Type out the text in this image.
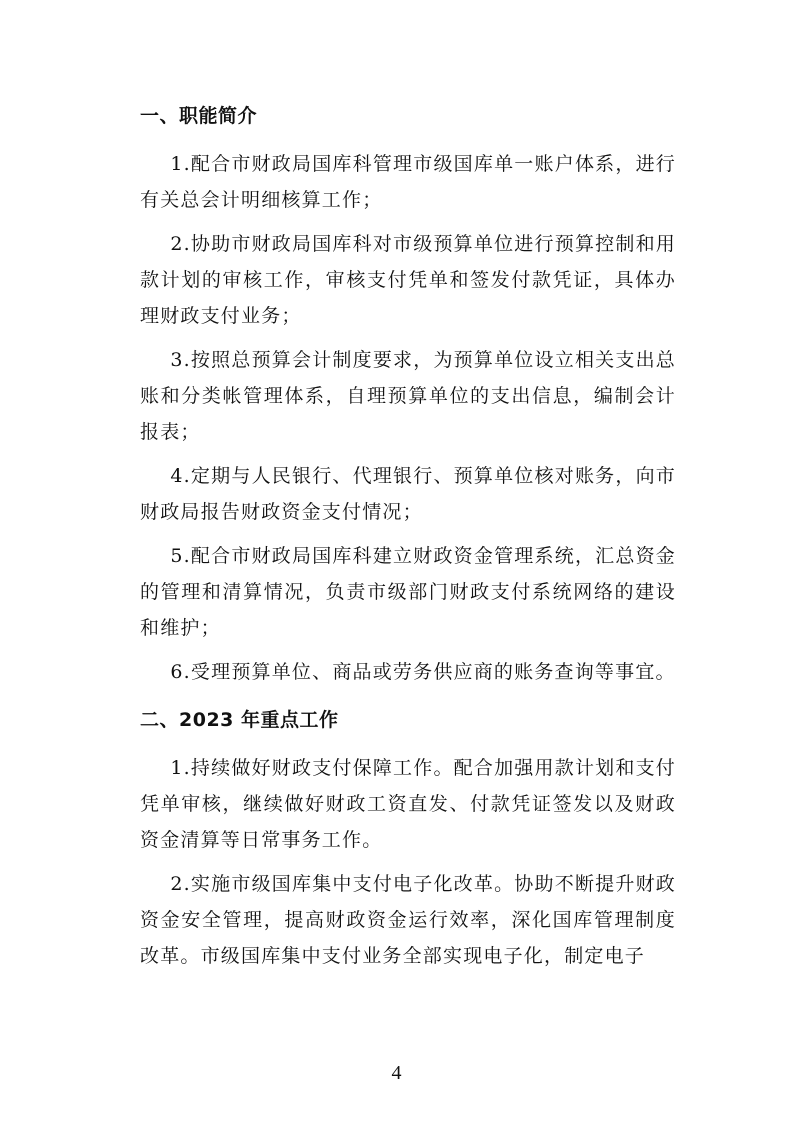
一、职能简介

1.配合市财政局国库科管理市级国库单一账户体系，进行有关总会计明细核算工作；

2.协助市财政局国库科对市级预算单位进行预算控制和用款计划的审核工作，审核支付凭单和签发付款凭证，具体办理财政支付业务；

3.按照总预算会计制度要求，为预算单位设立相关支出总账和分类帐管理体系，自理预算单位的支出信息，编制会计报表；

4.定期与人民银行、代理银行、预算单位核对账务，向市财政局报告财政资金支付情况；

5.配合市财政局国库科建立财政资金管理系统，汇总资金的管理和清算情况，负责市级部门财政支付系统网络的建设和维护；

6.受理预算单位、商品或劳务供应商的账务查询等事宜。

二、2023 年重点工作

1.持续做好财政支付保障工作。配合加强用款计划和支付凭单审核，继续做好财政工资直发、付款凭证签发以及财政资金清算等日常事务工作。

2.实施市级国库集中支付电子化改革。协助不断提升财政资金安全管理，提高财政资金运行效率，深化国库管理制度改革。市级国库集中支付业务全部实现电子化，制定电子

4
